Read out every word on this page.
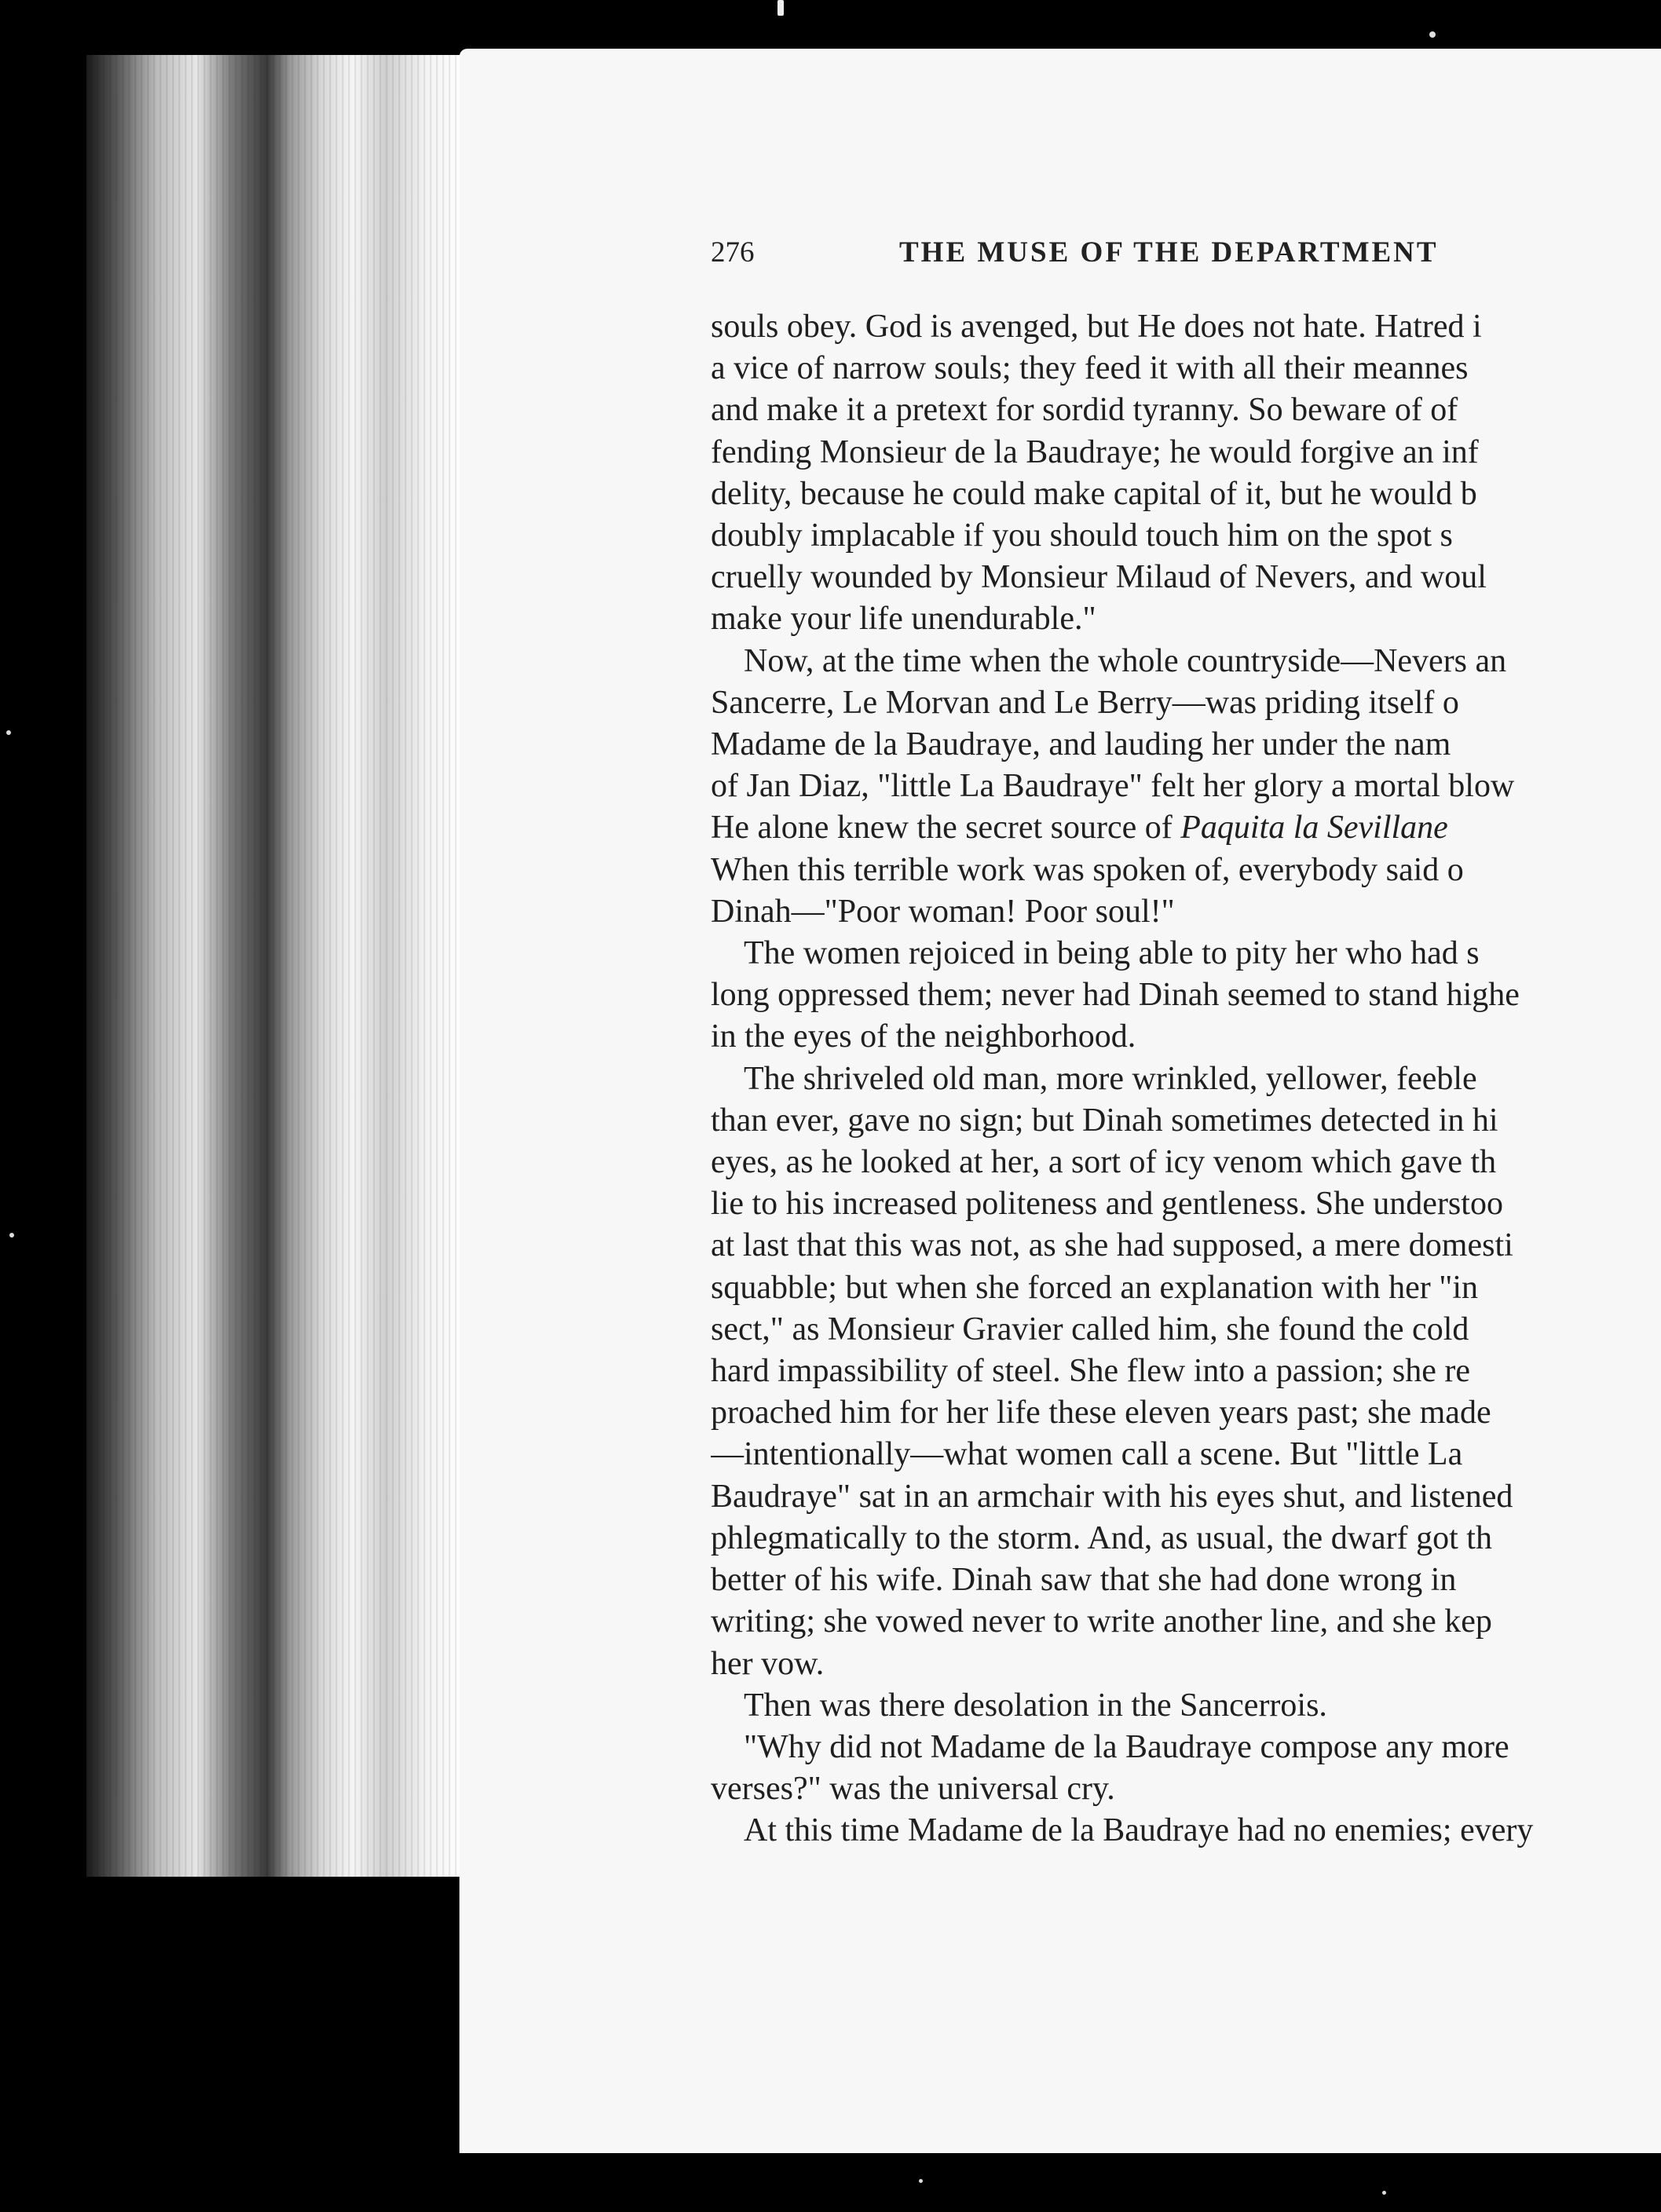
276	THE MUSE OF THE DEPARTMENT
souls obey. God is avenged, but He does not hate. Hatred i
a vice of narrow souls; they feed it with all their meannes
and make it a pretext for sordid tyranny. So beware of of
fending Monsieur de la Baudraye; he would forgive an inf
delity, because he could make capital of it, but he would b
doubly implacable if you should touch him on the spot s
cruelly wounded by Monsieur Milaud of Nevers, and woul
make your life unendurable."
Now, at the time when the whole countryside—Nevers an
Sancerre, Le Morvan and Le Berry—was priding itself o
Madame de la Baudraye, and lauding her under the nam
of Jan Diaz, "little La Baudraye" felt her glory a mortal blow
He alone knew the secret source of Paquita la Sevillane
When this terrible work was spoken of, everybody said o
Dinah—"Poor woman! Poor soul!"
The women rejoiced in being able to pity her who had s
long oppressed them; never had Dinah seemed to stand highe
in the eyes of the neighborhood.
The shriveled old man, more wrinkled, yellower, feeble
than ever, gave no sign; but Dinah sometimes detected in hi
eyes, as he looked at her, a sort of icy venom which gave th
lie to his increased politeness and gentleness. She understoo
at last that this was not, as she had supposed, a mere domesti
squabble; but when she forced an explanation with her "in
sect," as Monsieur Gravier called him, she found the cold
hard impassibility of steel. She flew into a passion; she re
proached him for her life these eleven years past; she made
—intentionally—what women call a scene. But "little La
Baudraye" sat in an armchair with his eyes shut, and listened
phlegmatically to the storm. And, as usual, the dwarf got th
better of his wife. Dinah saw that she had done wrong in
writing; she vowed never to write another line, and she kep
her vow.
Then was there desolation in the Sancerrois.
"Why did not Madame de la Baudraye compose any more
verses?" was the universal cry.
At this time Madame de la Baudraye had no enemies; every
